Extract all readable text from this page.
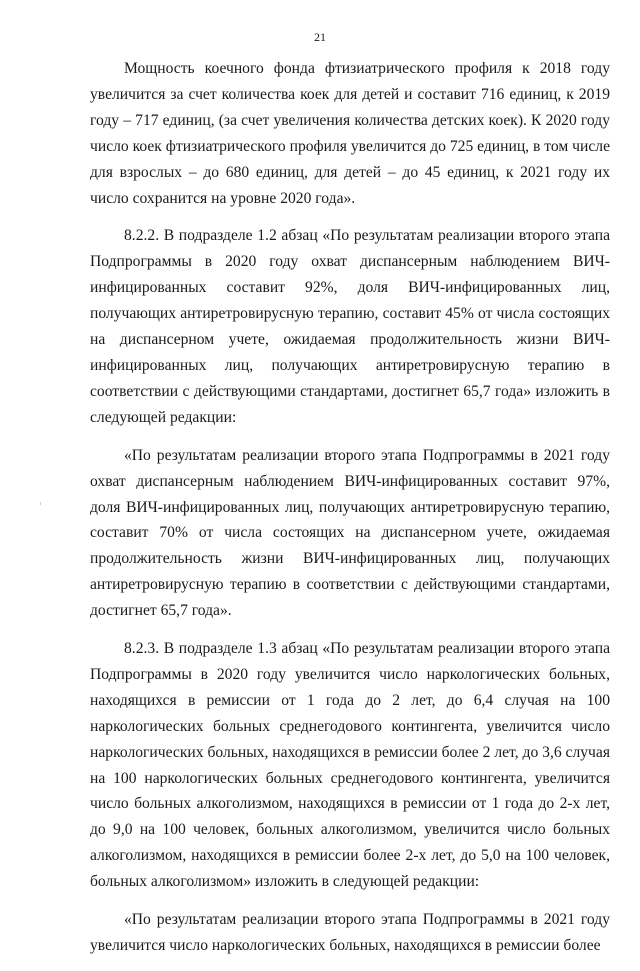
21

Мощность коечного фонда фтизиатрического профиля к 2018 году увеличится за счет количества коек для детей и составит 716 единиц, к 2019 году – 717 единиц, (за счет увеличения количества детских коек). К 2020 году число коек фтизиатрического профиля увеличится до 725 единиц, в том числе для взрослых – до 680 единиц, для детей – до 45 единиц, к 2021 году их число сохранится на уровне 2020 года».

8.2.2. В подразделе 1.2 абзац «По результатам реализации второго этапа Подпрограммы в 2020 году охват диспансерным наблюдением ВИЧ-инфицированных составит 92%, доля ВИЧ-инфицированных лиц, получающих антиретровирусную терапию, составит 45% от числа состоящих на диспансерном учете, ожидаемая продолжительность жизни ВИЧ-инфицированных лиц, получающих антиретровирусную терапию в соответствии с действующими стандартами, достигнет 65,7 года» изложить в следующей редакции:

«По результатам реализации второго этапа Подпрограммы в 2021 году охват диспансерным наблюдением ВИЧ-инфицированных составит 97%, доля ВИЧ-инфицированных лиц, получающих антиретровирусную терапию, составит 70% от числа состоящих на диспансерном учете, ожидаемая продолжительность жизни ВИЧ-инфицированных лиц, получающих антиретровирусную терапию в соответствии с действующими стандартами, достигнет 65,7 года».

8.2.3. В подразделе 1.3 абзац «По результатам реализации второго этапа Подпрограммы в 2020 году увеличится число наркологических больных, находящихся в ремиссии от 1 года до 2 лет, до 6,4 случая на 100 наркологических больных среднегодового контингента, увеличится число наркологических больных, находящихся в ремиссии более 2 лет, до 3,6 случая на 100 наркологических больных среднегодового контингента, увеличится число больных алкоголизмом, находящихся в ремиссии от 1 года до 2-х лет, до 9,0 на 100 человек, больных алкоголизмом, увеличится число больных алкоголизмом, находящихся в ремиссии более 2-х лет, до 5,0 на 100 человек, больных алкоголизмом» изложить в следующей редакции:

«По результатам реализации второго этапа Подпрограммы в 2021 году увеличится число наркологических больных, находящихся в ремиссии более
